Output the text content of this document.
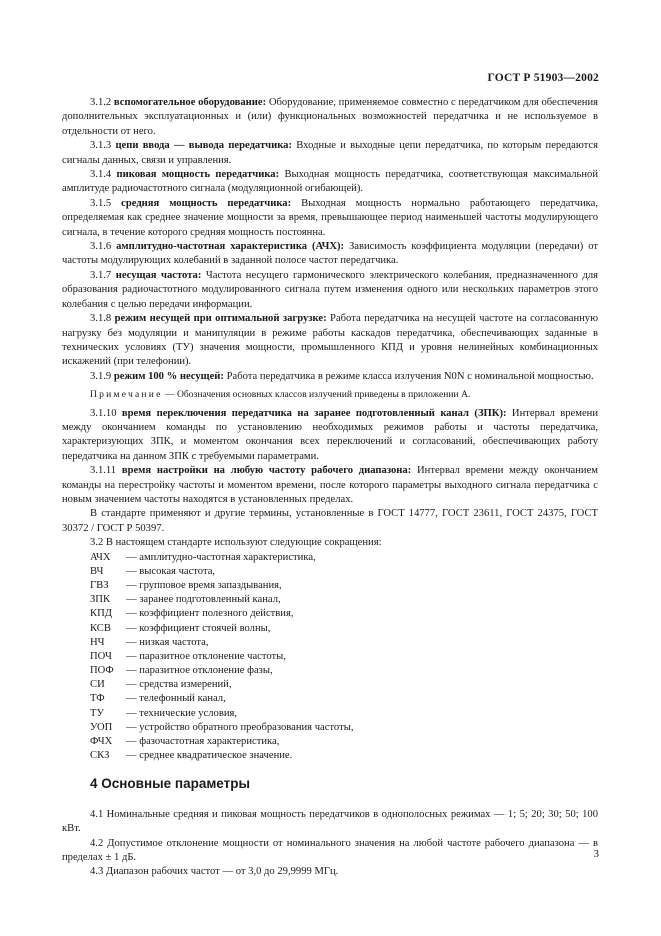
ГОСТ Р 51903—2002

3.1.2 вспомогательное оборудование: Оборудование, применяемое совместно с передатчиком для обеспечения дополнительных эксплуатационных и (или) функциональных возможностей передатчика и не используемое в отдельности от него.

3.1.3 цепи ввода — вывода передатчика: Входные и выходные цепи передатчика, по которым передаются сигналы данных, связи и управления.

3.1.4 пиковая мощность передатчика: Выходная мощность передатчика, соответствующая максимальной амплитуде радиочастотного сигнала (модуляционной огибающей).

3.1.5 средняя мощность передатчика: Выходная мощность нормально работающего передатчика, определяемая как среднее значение мощности за время, превышающее период наименьшей частоты модулирующего сигнала, в течение которого средняя мощность постоянна.

3.1.6 амплитудно-частотная характеристика (АЧХ): Зависимость коэффициента модуляции (передачи) от частоты модулирующих колебаний в заданной полосе частот передатчика.

3.1.7 несущая частота: Частота несущего гармонического электрического колебания, предназначенного для образования радиочастотного модулированного сигнала путем изменения одного или нескольких параметров этого колебания с целью передачи информации.

3.1.8 режим несущей при оптимальной загрузке: Работа передатчика на несущей частоте на согласованную нагрузку без модуляции и манипуляции в режиме работы каскадов передатчика, обеспечивающих заданные в технических условиях (ТУ) значения мощности, промышленного КПД и уровня нелинейных комбинационных искажений (при телефонии).

3.1.9 режим 100 % несущей: Работа передатчика в режиме класса излучения N0N с номинальной мощностью.

Примечание — Обозначения основных классов излучений приведены в приложении А.

3.1.10 время переключения передатчика на заранее подготовленный канал (ЗПК): Интервал времени между окончанием команды по установлению необходимых режимов работы и частоты передатчика, характеризующих ЗПК, и моментом окончания всех переключений и согласований, обеспечивающих работу передатчика на данном ЗПК с требуемыми параметрами.

3.1.11 время настройки на любую частоту рабочего диапазона: Интервал времени между окончанием команды на перестройку частоты и моментом времени, после которого параметры выходного сигнала передатчика с новым значением частоты находятся в установленных пределах.

В стандарте применяют и другие термины, установленные в ГОСТ 14777, ГОСТ 23611, ГОСТ 24375, ГОСТ 30372 / ГОСТ Р 50397.

3.2 В настоящем стандарте используют следующие сокращения:

АЧХ	— амплитудно-частотная характеристика,
ВЧ	— высокая частота,
ГВЗ	— групповое время запаздывания,
ЗПК	— заранее подготовленный канал,
КПД	— коэффициент полезного действия,
КСВ	— коэффициент стоячей волны,
НЧ	— низкая частота,
ПОЧ	— паразитное отклонение частоты,
ПОФ	— паразитное отклонение фазы,
СИ	— средства измерений,
ТФ	— телефонный канал,
ТУ	— технические условия,
УОП	— устройство обратного преобразования частоты,
ФЧХ	— фазочастотная характеристика,
СКЗ	— среднее квадратическое значение.
4 Основные параметры

4.1 Номинальные средняя и пиковая мощность передатчиков в однополосных режимах — 1; 5; 20; 30; 50; 100 кВт.

4.2 Допустимое отклонение мощности от номинального значения на любой частоте рабочего диапазона — в пределах ± 1 дБ.

4.3 Диапазон рабочих частот — от 3,0 до 29,9999 МГц.

3
